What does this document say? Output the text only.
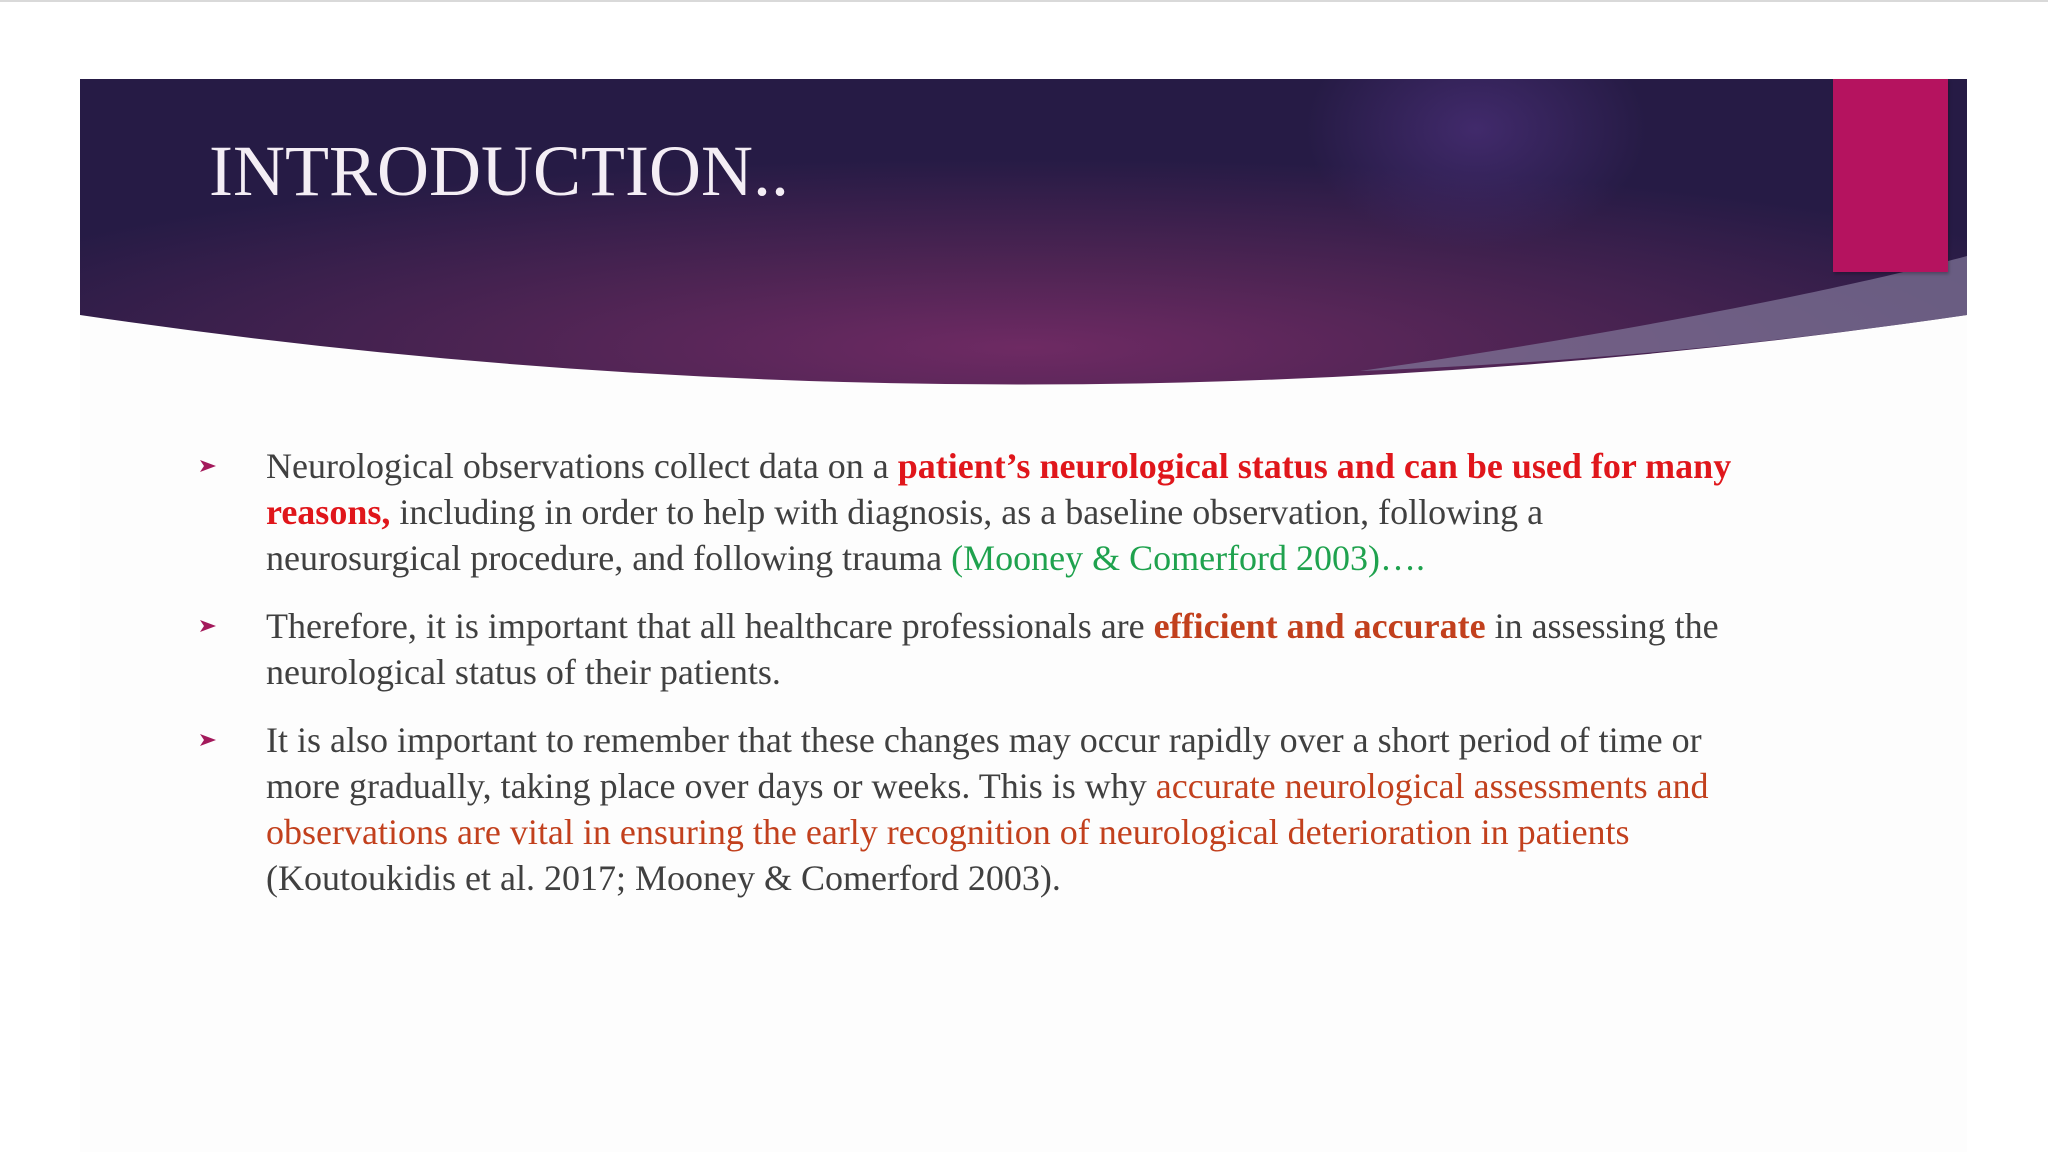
INTRODUCTION..
Neurological observations collect data on a patient’s neurological status and can be used for many reasons, including in order to help with diagnosis, as a baseline observation, following a neurosurgical procedure, and following trauma (Mooney & Comerford 2003)….
Therefore, it is important that all healthcare professionals are efficient and accurate in assessing the neurological status of their patients.
It is also important to remember that these changes may occur rapidly over a short period of time or more gradually, taking place over days or weeks. This is why accurate neurological assessments and observations are vital in ensuring the early recognition of neurological deterioration in patients (Koutoukidis et al. 2017; Mooney & Comerford 2003).
